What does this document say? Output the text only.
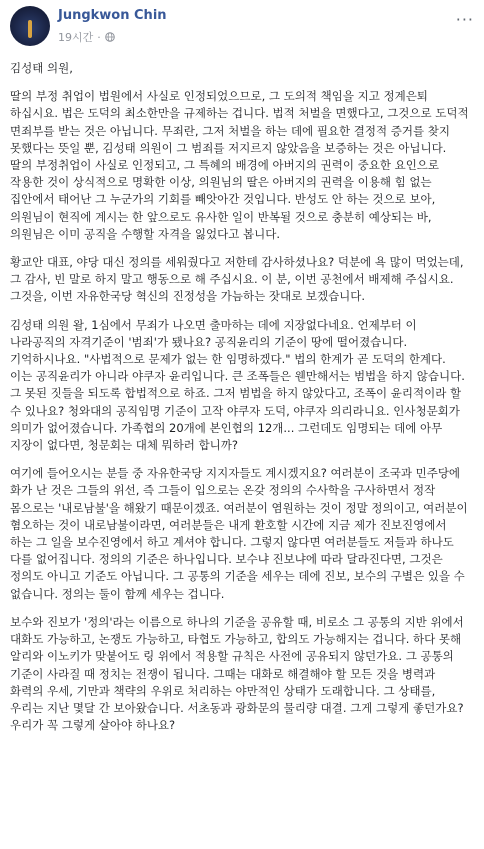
Jungkwon Chin
19시간 ·
···

김성태 의원,

딸의 부정 취업이 법원에서 사실로 인정되었으므로, 그 도의적 책임을 지고 정계은퇴 하십시요. 법은 도덕의 최소한만을 규제하는 겁니다. 법적 처벌을 면했다고, 그것으로 도덕적 면죄부를 받는 것은 아닙니다. 무죄란, 그저 처벌을 하는 데에 필요한 결정적 증거를 찾지 못했다는 뜻일 뿐, 김성태 의원이 그 범죄를 저지르지 않았음을 보증하는 것은 아닙니다. 딸의 부정취업이 사실로 인정되고, 그 특혜의 배경에 아버지의 권력이 중요한 요인으로 작용한 것이 상식적으로 명확한 이상, 의원님의 딸은 아버지의 권력을 이용해 힘 없는 집안에서 태어난 그 누군가의 기회를 빼앗아간 것입니다. 반성도 안 하는 것으로 보아, 의원님이 현직에 계시는 한 앞으로도 유사한 일이 반복될 것으로 충분히 예상되는 바, 의원님은 이미 공직을 수행할 자격을 잃었다고 봅니다.

황교안 대표, 야당 대신 정의를 세워줬다고 저한테 감사하셨나요? 덕분에 욕 많이 먹었는데, 그 감사, 빈 말로 하지 말고 행동으로 해 주십시요. 이 분, 이번 공천에서 배제해 주십시요. 그것을, 이번 자유한국당 혁신의 진정성을 가늠하는 잣대로 보겠습니다.

김성태 의원 왈, 1심에서 무죄가 나오면 출마하는 데에 지장없다네요. 언제부터 이 나라공직의 자격기준이 '범죄'가 됐나요? 공직윤리의 기준이 땅에 떨어졌습니다. 기억하시나요. "사법적으로 문제가 없는 한 임명하겠다." 법의 한계가 곧 도덕의 한계다. 이는 공직윤리가 아니라 야쿠자 윤리입니다. 큰 조폭들은 웬만해서는 범법을 하지 않습니다. 그 못된 짓들을 되도록 합법적으로 하죠. 그저 범법을 하지 않았다고, 조폭이 윤리적이라 할 수 있나요? 청와대의 공직임명 기준이 고작 야쿠자 도덕, 야쿠자 의리라니요. 인사청문회가 의미가 없어졌습니다. 가족협의 20개에 본인협의 12개... 그런데도 임명되는 데에 아무 지장이 없다면, 청문회는 대체 뭐하러 합니까?

여기에 들어오시는 분들 중 자유한국당 지지자들도 계시겠지요? 여러분이 조국과 민주당에 화가 난 것은 그들의 위선, 즉 그들이 입으로는 온갖 정의의 수사학을 구사하면서 정작 몸으로는 '내로남불'을 해왔기 때문이겠죠. 여러분이 염원하는 것이 정말 정의이고, 여러분이 혐오하는 것이 내로남불이라면, 여러분들은 내게 환호할 시간에 지금 제가 진보진영에서 하는 그 일을 보수진영에서 하고 계셔야 합니다. 그렇지 않다면 여러분들도 저들과 하나도 다를 없어집니다. 정의의 기준은 하나입니다. 보수냐 진보냐에 따라 달라진다면, 그것은 정의도 아니고 기준도 아닙니다. 그 공통의 기준을 세우는 데에 진보, 보수의 구별은 있을 수 없습니다. 정의는 둘이 함께 세우는 겁니다.

보수와 진보가 '정의'라는 이름으로 하나의 기준을 공유할 때, 비로소 그 공통의 지반 위에서 대화도 가능하고, 논쟁도 가능하고, 타협도 가능하고, 합의도 가능해지는 겁니다. 하다 못해 알리와 이노키가 맞붙어도 링 위에서 적용할 규칙은 사전에 공유되지 않던가요. 그 공통의 기준이 사라질 때 정치는 전쟁이 됩니다. 그때는 대화로 해결해야 할 모든 것을 병력과 화력의 우세, 기만과 책략의 우위로 처리하는 야만적인 상태가 도래합니다. 그 상태를, 우리는 지난 몇달 간 보아왔습니다. 서초동과 광화문의 물리량 대결. 그게 그렇게 좋던가요? 우리가 꼭 그렇게 살아야 하나요?
